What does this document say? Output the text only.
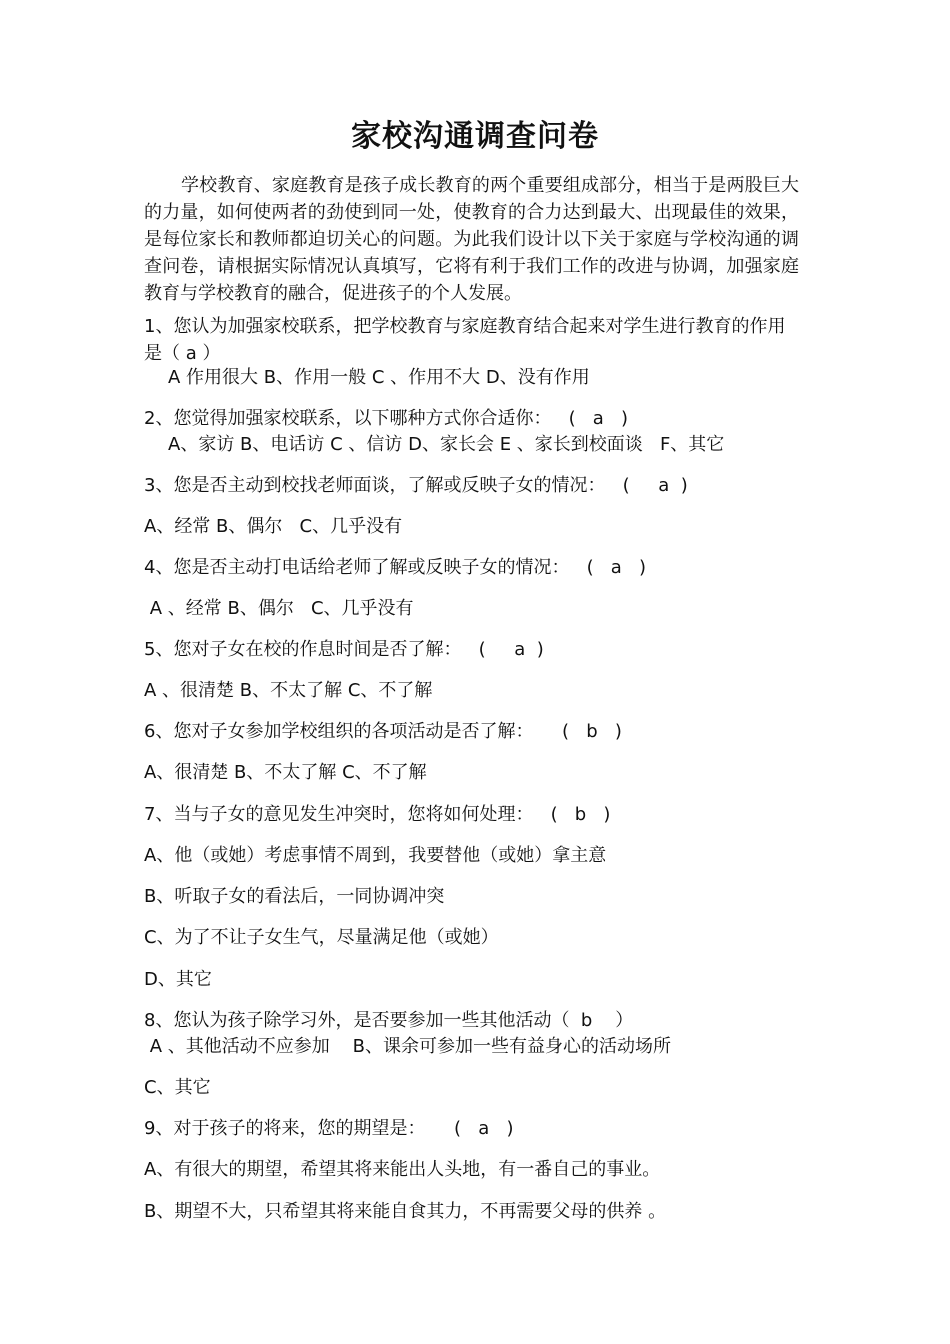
家校沟通调查问卷
学校教育、家庭教育是孩子成长教育的两个重要组成部分，相当于是两股巨大的力量，如何使两者的劲使到同一处，使教育的合力达到最大、出现最佳的效果，是每位家长和教师都迫切关心的问题。为此我们设计以下关于家庭与学校沟通的调查问卷，请根据实际情况认真填写，它将有利于我们工作的改进与协调，加强家庭教育与学校教育的融合，促进孩子的个人发展。
1、您认为加强家校联系，把学校教育与家庭教育结合起来对学生进行教育的作用是（ a ）
A 作用很大 B、作用一般 C 、作用不大 D、没有作用
2、您觉得加强家校联系，以下哪种方式你合适你：   (   a   )
A、家访 B、电话访 C 、信访 D、家长会 E 、家长到校面谈   F、其它
3、您是否主动到校找老师面谈，了解或反映子女的情况：   (     a  )
A、经常 B、偶尔   C、几乎没有
4、您是否主动打电话给老师了解或反映子女的情况：   (   a   )
A 、经常 B、偶尔   C、几乎没有
5、您对子女在校的作息时间是否了解：   (     a  )
A 、很清楚 B、不太了解 C、不了解
6、您对子女参加学校组织的各项活动是否了解：     (   b   )
A、很清楚 B、不太了解 C、不了解
7、当与子女的意见发生冲突时，您将如何处理：   (   b   )
A、他（或她）考虑事情不周到，我要替他（或她）拿主意
B、听取子女的看法后，一同协调冲突
C、为了不让子女生气，尽量满足他（或她）
D、其它
8、您认为孩子除学习外，是否要参加一些其他活动（  b    ）
A 、其他活动不应参加    B、课余可参加一些有益身心的活动场所
C、其它
9、对于孩子的将来，您的期望是：     (   a   )
A、有很大的期望，希望其将来能出人头地，有一番自己的事业。
B、期望不大，只希望其将来能自食其力，不再需要父母的供养 。
